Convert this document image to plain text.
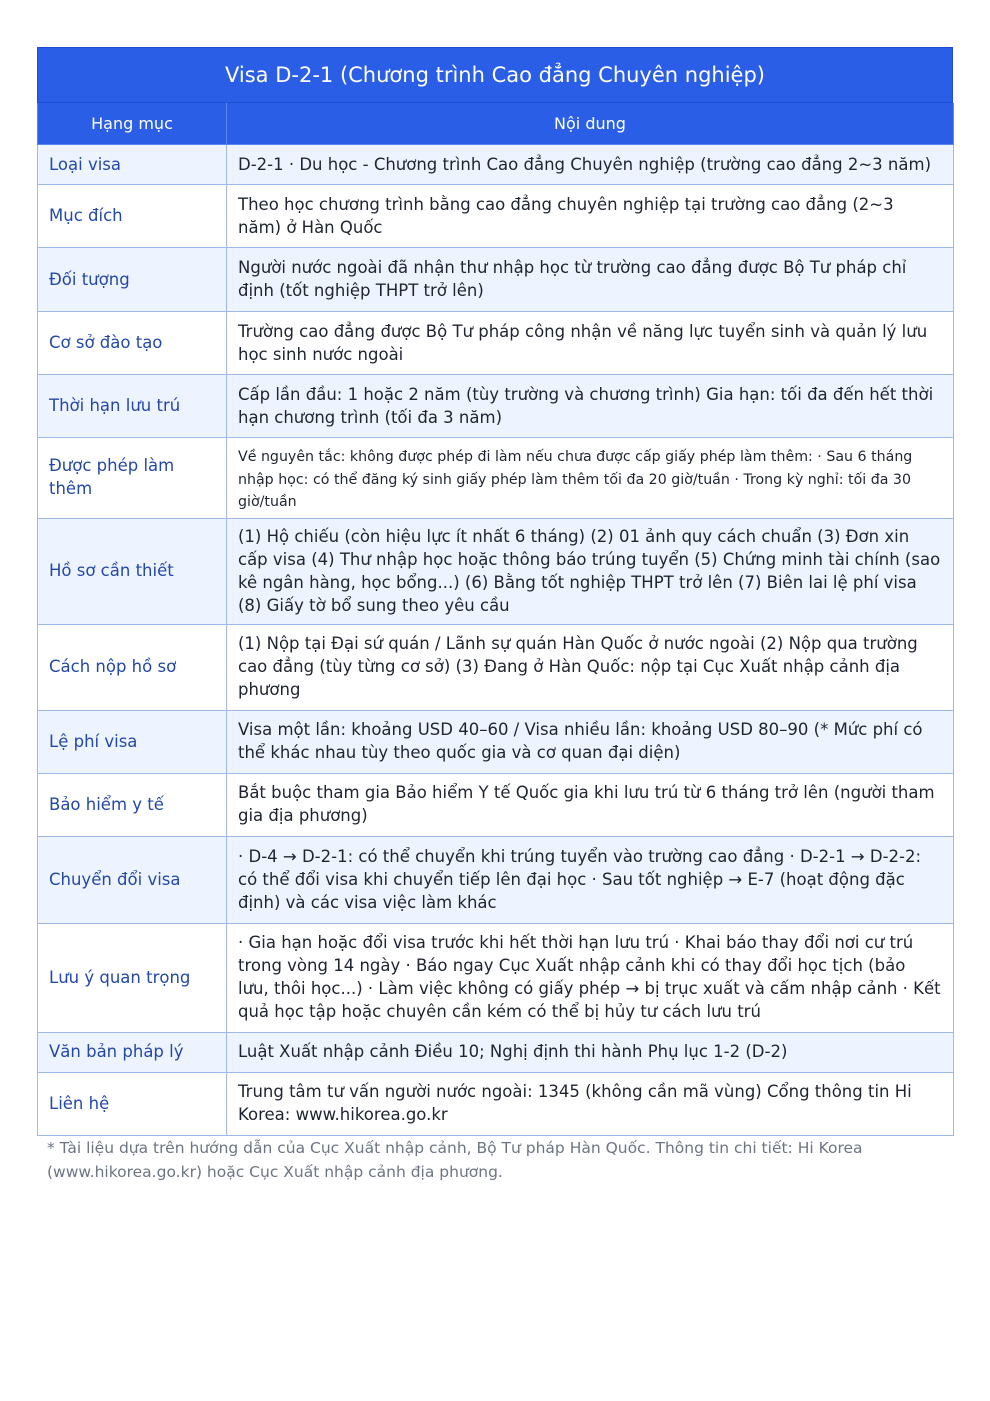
Visa D-2-1 (Chương trình Cao đẳng Chuyên nghiệp)
Hạng mục	Nội dung
Loại visa	D-2-1 · Du học - Chương trình Cao đẳng Chuyên nghiệp (trường cao đẳng 2~3 năm)
Mục đích	Theo học chương trình bằng cao đẳng chuyên nghiệp tại trường cao đẳng (2~3 năm) ở Hàn Quốc
Đối tượng	Người nước ngoài đã nhận thư nhập học từ trường cao đẳng được Bộ Tư pháp chỉ định (tốt nghiệp THPT trở lên)
Cơ sở đào tạo	Trường cao đẳng được Bộ Tư pháp công nhận về năng lực tuyển sinh và quản lý lưu học sinh nước ngoài
Thời hạn lưu trú	Cấp lần đầu: 1 hoặc 2 năm (tùy trường và chương trình) Gia hạn: tối đa đến hết thời hạn chương trình (tối đa 3 năm)
Được phép làm thêm	Về nguyên tắc: không được phép đi làm nếu chưa được cấp giấy phép làm thêm: · Sau 6 tháng nhập học: có thể đăng ký sinh giấy phép làm thêm tối đa 20 giờ/tuần · Trong kỳ nghỉ: tối đa 30 giờ/tuần
Hồ sơ cần thiết	(1) Hộ chiếu (còn hiệu lực ít nhất 6 tháng) (2) 01 ảnh quy cách chuẩn (3) Đơn xin cấp visa (4) Thư nhập học hoặc thông báo trúng tuyển (5) Chứng minh tài chính (sao kê ngân hàng, học bổng...) (6) Bằng tốt nghiệp THPT trở lên (7) Biên lai lệ phí visa (8) Giấy tờ bổ sung theo yêu cầu
Cách nộp hồ sơ	(1) Nộp tại Đại sứ quán / Lãnh sự quán Hàn Quốc ở nước ngoài (2) Nộp qua trường cao đẳng (tùy từng cơ sở) (3) Đang ở Hàn Quốc: nộp tại Cục Xuất nhập cảnh địa phương
Lệ phí visa	Visa một lần: khoảng USD 40–60 / Visa nhiều lần: khoảng USD 80–90 (* Mức phí có thể khác nhau tùy theo quốc gia và cơ quan đại diện)
Bảo hiểm y tế	Bắt buộc tham gia Bảo hiểm Y tế Quốc gia khi lưu trú từ 6 tháng trở lên (người tham gia địa phương)
Chuyển đổi visa	· D-4 → D-2-1: có thể chuyển khi trúng tuyển vào trường cao đẳng · D-2-1 → D-2-2: có thể đổi visa khi chuyển tiếp lên đại học · Sau tốt nghiệp → E-7 (hoạt động đặc định) và các visa việc làm khác
Lưu ý quan trọng	· Gia hạn hoặc đổi visa trước khi hết thời hạn lưu trú · Khai báo thay đổi nơi cư trú trong vòng 14 ngày · Báo ngay Cục Xuất nhập cảnh khi có thay đổi học tịch (bảo lưu, thôi học...) · Làm việc không có giấy phép → bị trục xuất và cấm nhập cảnh · Kết quả học tập hoặc chuyên cần kém có thể bị hủy tư cách lưu trú
Văn bản pháp lý	Luật Xuất nhập cảnh Điều 10; Nghị định thi hành Phụ lục 1-2 (D-2)
Liên hệ	Trung tâm tư vấn người nước ngoài: 1345 (không cần mã vùng) Cổng thông tin Hi Korea: www.hikorea.go.kr
* Tài liệu dựa trên hướng dẫn của Cục Xuất nhập cảnh, Bộ Tư pháp Hàn Quốc. Thông tin chi tiết: Hi Korea (www.hikorea.go.kr) hoặc Cục Xuất nhập cảnh địa phương.
